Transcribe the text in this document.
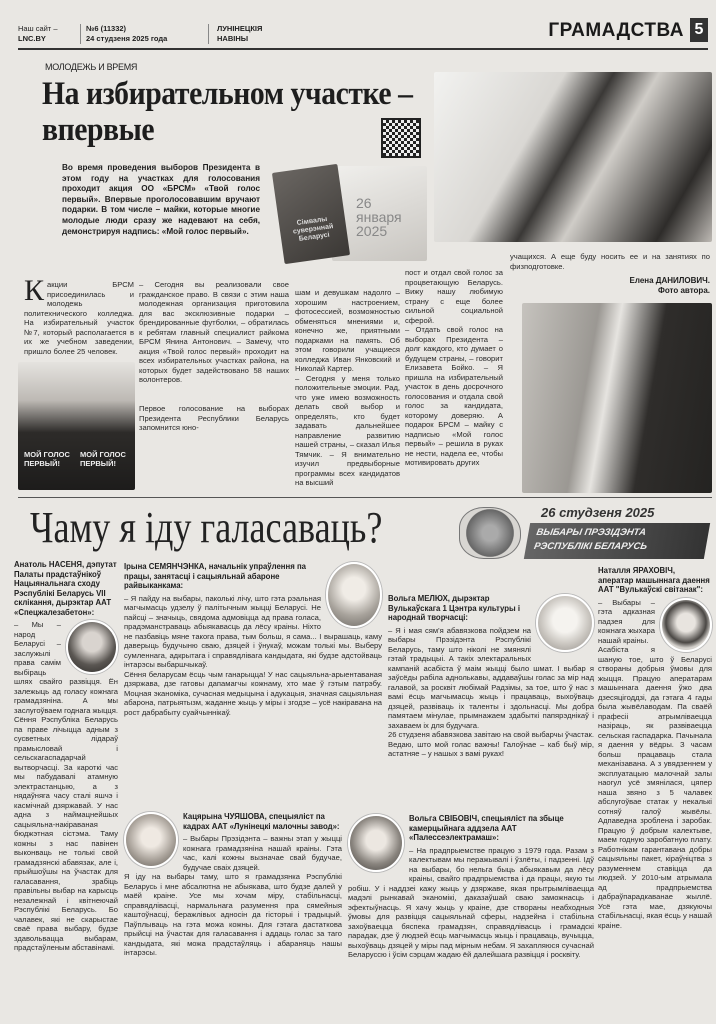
Наш сайт –
LNC.BY
№6 (11332)
24 студзеня 2025 года
ЛУНІНЕЦКІЯ
НАВІНЫ	ГРАМАДСТВА 5
МОЛОДЕЖЬ И ВРЕМЯ
На избирательном участке – впервые
Во время проведения выборов Президента в этом году на участках для голосования проходит акция ОО «БРСМ» «Твой голос первый». Впервые проголосовавшим вручают подарки. В том числе – майки, которые многие молодые люди сразу же надевают на себя, демонстрируя надпись: «Мой голос первый».
26 января 2025
Сімвалы суверэннай Беларусі
К акции БРСМ присоединилась и молодежь политехнического колледжа. На избирательный участок №7, который располагается в их же учебном заведении, пришло более 25 человек.
– Сегодня вы реализовали свое гражданское право. В связи с этим наша молодежная организация приготовила для вас эксклюзивные подарки – брендированные футболки, – обратилась к ребятам главный специалист райкома БРСМ Янина Антонович. – Замечу, что акция «Твой голос первый» проходит на всех избирательных участках района, на которых будет задействовано 58 наших волонтеров.
МОЙ ГОЛОС ПЕРВЫЙ!
МОЙ ГОЛОС ПЕРВЫЙ!
Первое голосование на выборах Президента Республики Беларусь запомнится юно-
шам и девушкам надолго – хорошим настроением, фотосессией, возможностью обменяться мнениями и, конечно же, приятными подарками на память. Об этом говорили учащиеся колледжа Иван Янковский и Николай Картер.
– Сегодня у меня только положительные эмоции. Рад, что уже имею возможность делать свой выбор и определять, кто будет задавать дальнейшее направление развитию нашей страны, – сказал Илья Тямчик. – Я внимательно изучил предвыборные программы всех кандидатов на высший
пост и отдал свой голос за процветающую Беларусь. Вижу нашу любимую страну с еще более сильной социальной сферой.
– Отдать свой голос на выборах Президента – долг каждого, кто думает о будущем страны, – говорит Елизавета Бойко. – Я пришла на избирательный участок в день досрочного голосования и отдала свой голос за кандидата, которому доверяю. А подарок БРСМ – майку с надписью «Мой голос первый» – решила в руках не нести, надела ее, чтобы мотивировать других
учащихся. А еще буду носить ее и на занятиях по физподготовке.
Елена ДАНИЛОВИЧ.
Фото автора.
Чаму я іду галасаваць?	26 студзеня 2025
ВЫБАРЫ ПРЭЗІДЭНТА
РЭСПУБЛІКІ БЕЛАРУСЬ
Анатоль НАСЕНЯ, дэпутат Палаты прадстаўнікоў Нацыянальнага сходу Рэспублікі Беларусь VII склікання, дырэктар ААТ «Спецжалезабетон»:
– Мы – народ Беларусі – заслужылі права самім выбіраць шлях свайго развіцця. Ён залежыць ад голасу кожнага грамадзяніна. А мы заслугоўваем годнага жыцця. Сёння Рэспубліка Беларусь па праве лічыцца адным з сусветных лідараў прамысловай і сельскагаспадарчай вытворчасці. За кароткі час мы пабудавалі атамную электрастанцыю, а з нядаўняга часу сталі яшчэ і касмічнай дзяржавай. У нас адна з наймацнейшых сацыяльна-накіраваная бюджэтная сістэма. Таму кожны з нас павінен выконваць не толькі свой грамадзянскі абавязак, але і, прыйшоўшы на ўчастак для галасавання, зрабіць правільны выбар на карысць незалежнай і квітнеючай Рэспублікі Беларусь. Бо чалавек, які не скарыстае сваё права выбару, будзе здавольвацца выбарам, прадстаўленым абставінамі.
Ірына СЕМЯНЧЭНКА, начальнік упраўлення па працы, занятасці і сацыяльнай абароне райвыканкама:
– Я пайду на выбары, паколькі лічу, што гэта рэальная магчымасць удзелу ў палітычным жыцці Беларусі. Не пайсці – значыць, свядома адмовіцца ад права голаса, прадэманстраваць абыякавасць да лёсу краіны. Ніхто не пазбавіць мяне такога права, тым больш, я сама... І вырашаць, каму даверыць будучыню сваю, дзяцей і ўнукаў, можам толькі мы. Выберу сумленнага, адкрытага і справядлівага кандыдата, які будзе адстойваць інтарэсы выбаршчыкаў.
Сёння беларусам ёсць чым ганарыцца! У нас сацыяльна-арыентаваная дзяржава, дзе гатовы дапамагчы кожнаму, хто мае ў гэтым патрэбу. Моцная эканоміка, сучасная медыцына і адукацыя, значная сацыяльная абарона, патрыятызм, жаданне жыць у міры і згодзе – усё накіравана на рост дабрабыту суайчыннікаў.
Вольга МЕЛЮХ, дырэктар Вулькаўскага 1 Цэнтра культуры і народнай творчасці:
– Я і мая сям'я абавязкова пойдзем на выбары Прэзідэнта Рэспублікі Беларусь, таму што ніколі не змянялі гэтай традыцыі. А такіх электаральных кампаній асабіста ў маім жыцці было шмат. І выбар я заўсёды рабіла аднолькавы, аддаваўшы голас за мір над галавой, за росквіт любімай Радзімы, за тое, што ў нас з вамі ёсць магчымасць жыць і працаваць, выхоўваць дзяцей, развіваць іх таленты і здольнасці. Мы добра памятаем мінулае, прымнажаем здабыткі папярэднікаў і захаваем іх для будучага.
26 студзеня абавязкова завітаю на свой выбарчы ўчастак. Ведаю, што мой голас важны! Галоўнае – каб быў мір, астатняе – у нашых з вамі руках!
Наталля ЯРАХОВІЧ, аператар машыннага даення ААТ "Вулькаўскі світанак":
– Выбары – гэта адказная падзея для кожнага жыхара нашай краіны.
Асабіста я шаную тое, што ў Беларусі створаны добрыя ўмовы для жыцця. Працую аператарам машыннага даення ўжо два дзесяцігоддзі, да гэтага 4 гады была жывёлаводам. Па сваёй прафесіі атрымліваецца назіраць, як развіваецца сельская гаспадарка. Пачынала я даення у вёдры. З часам больш працаваць стала механізавана. А з увядзеннем у эксплуатацыю малочнай залы наогул усё змянілася, цяпер наша звяно з 5 чалавек абслугоўвае статак у некалькі сотняў галоў жывёлы. Адпаведна зроблена і заробак. Працую ў добрым калектыве, маем годную заробатную плату. Работнікам гарантавана добры сацыяльны пакет, кіраўніцтва з разуменнем ставіцца да людзей. У 2010-ым атрымала ад прадпрыемства дабраўпарадкаванае жыллё. Усё гэта мае, дзякуючы стабільнасці, якая ёсць у нашай краіне.
Кацярына ЧУЯШОВА, спецыяліст па кадрах ААТ «Лунінецкі малочны завод»:
– Выбары Прэзідэнта – важны этап у жыцці кожнага грамадзяніна нашай краіны. Гэта час, калі кожны вызначае свай будучае, будучае сваіх дзяцей.
Я іду на выбары таму, што я грамадзянка Рэспублікі Беларусь і мне абсалютна не абыякава, што будзе далей у маёй краіне. Усе мы хочам міру, стабільнасці, справядлівасці, нармальнага разумення пра сямейныя каштоўнасці, беражлівых адносін да гісторыі і традыцый. Паўплываць на гэта можа кожны. Для гэтага дастаткова прыйсці на ўчастак для галасавання і аддаць голас за таго кандыдата, які можа прадстаўляць і абараняць нашы інтарэсы.
Вольга СВІБОВІЧ, спецыяліст па збыце камерцыйнага аддзела ААТ «Палессеэлектрамаш»:
– На прадпрыемстве працую з 1979 года. Разам з калектывам мы перажывалі і ўзлёты, і падзенні. Ідў на выбары, бо нельга быць абыякавым да лёсу краіны, свайго прадпрыемства і да працы, якую ты робіш. У і наддзеі кажу жыць у дзяржаве, якая прытрымліваецца мадэлі рынкавай эканомікі, даказаўшай сваю заможнасць і эфектыўнасць. Я хачу жыць у краіне, дзе створаны неабходныя ўмовы для развіцця сацыяльнай сферы, надзейна і стабільна захоўваецца бяспека грамадзян, справядлівасць і грамадскі парадак, дзе ў людзей ёсць магчымасць жыць і працаваць, вучыцца, выхоўваць дзяцей у міры пад мірным небам. Я захапляюся сучаснай Беларуссю і ўсім сэрцам жадаю ёй далейшага развіцця і росквіту.
